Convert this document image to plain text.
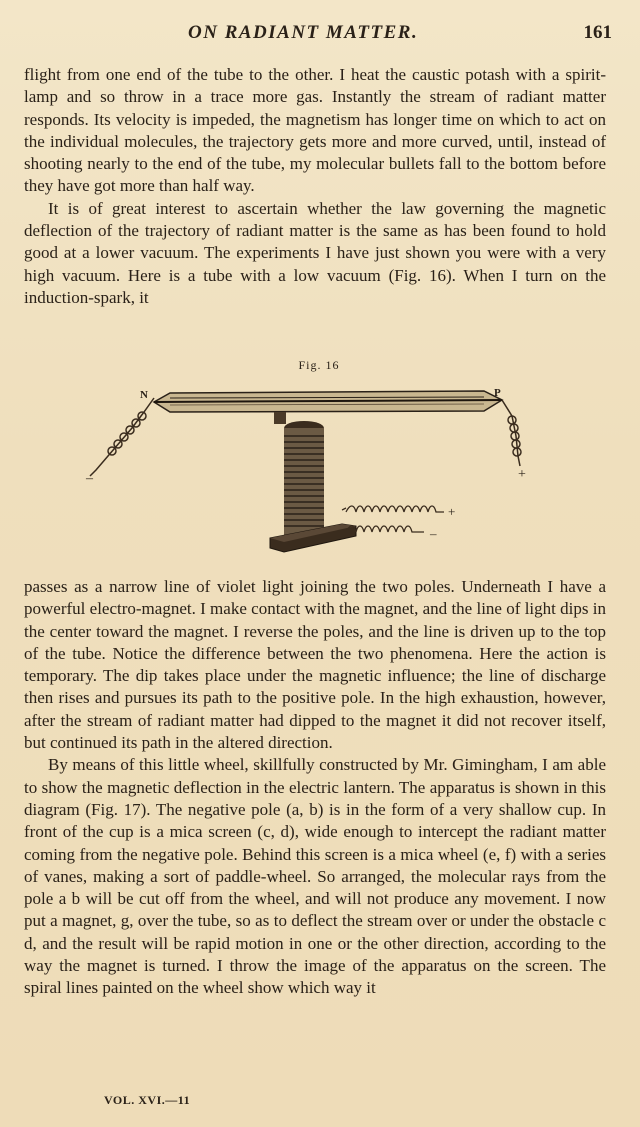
ON RADIANT MATTER.	161

flight from one end of the tube to the other. I heat the caustic potash with a spirit-lamp and so throw in a trace more gas. Instantly the stream of radiant matter responds. Its velocity is impeded, the magnetism has longer time on which to act on the individual molecules, the trajectory gets more and more curved, until, instead of shooting nearly to the end of the tube, my molecular bullets fall to the bottom before they have got more than half way.

It is of great interest to ascertain whether the law governing the magnetic deflection of the trajectory of radiant matter is the same as has been found to hold good at a lower vacuum. The experiments I have just shown you were with a very high vacuum. Here is a tube with a low vacuum (Fig. 16). When I turn on the induction-spark, it

Fig. 16
–
N	P
+
+
–

passes as a narrow line of violet light joining the two poles. Underneath I have a powerful electro-magnet. I make contact with the magnet, and the line of light dips in the center toward the magnet. I reverse the poles, and the line is driven up to the top of the tube. Notice the difference between the two phenomena. Here the action is temporary. The dip takes place under the magnetic influence; the line of discharge then rises and pursues its path to the positive pole. In the high exhaustion, however, after the stream of radiant matter had dipped to the magnet it did not recover itself, but continued its path in the altered direction.

By means of this little wheel, skillfully constructed by Mr. Gimingham, I am able to show the magnetic deflection in the electric lantern. The apparatus is shown in this diagram (Fig. 17). The negative pole (a, b) is in the form of a very shallow cup. In front of the cup is a mica screen (c, d), wide enough to intercept the radiant matter coming from the negative pole. Behind this screen is a mica wheel (e, f) with a series of vanes, making a sort of paddle-wheel. So arranged, the molecular rays from the pole a b will be cut off from the wheel, and will not produce any movement. I now put a magnet, g, over the tube, so as to deflect the stream over or under the obstacle c d, and the result will be rapid motion in one or the other direction, according to the way the magnet is turned. I throw the image of the apparatus on the screen. The spiral lines painted on the wheel show which way it

VOL. XVI.—11
